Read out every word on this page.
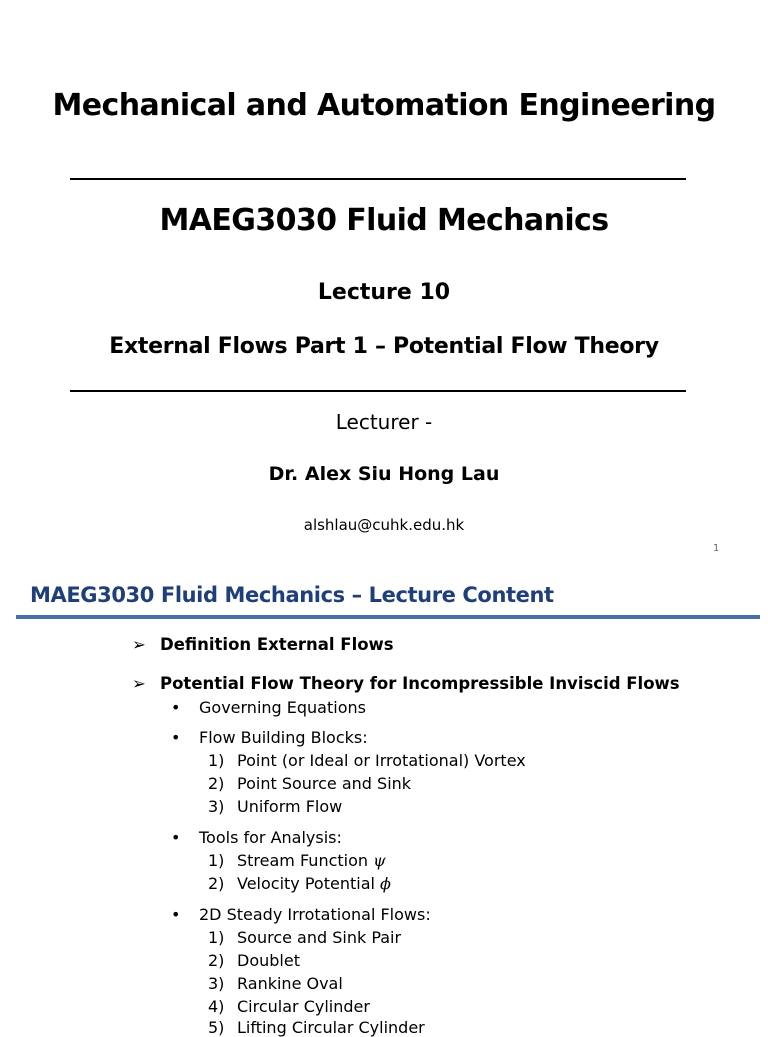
Mechanical and Automation Engineering
MAEG3030 Fluid Mechanics
Lecture 10
External Flows Part 1 – Potential Flow Theory
Lecturer -
Dr. Alex Siu Hong Lau
alshlau@cuhk.edu.hk
1
MAEG3030 Fluid Mechanics – Lecture Content
➢ Definition External Flows
➢ Potential Flow Theory for Incompressible Inviscid Flows
• Governing Equations
• Flow Building Blocks:
1) Point (or Ideal or Irrotational) Vortex
2) Point Source and Sink
3) Uniform Flow
• Tools for Analysis:
1) Stream Function ψ
2) Velocity Potential ϕ
• 2D Steady Irrotational Flows:
1) Source and Sink Pair
2) Doublet
3) Rankine Oval
4) Circular Cylinder
5) Lifting Circular Cylinder
